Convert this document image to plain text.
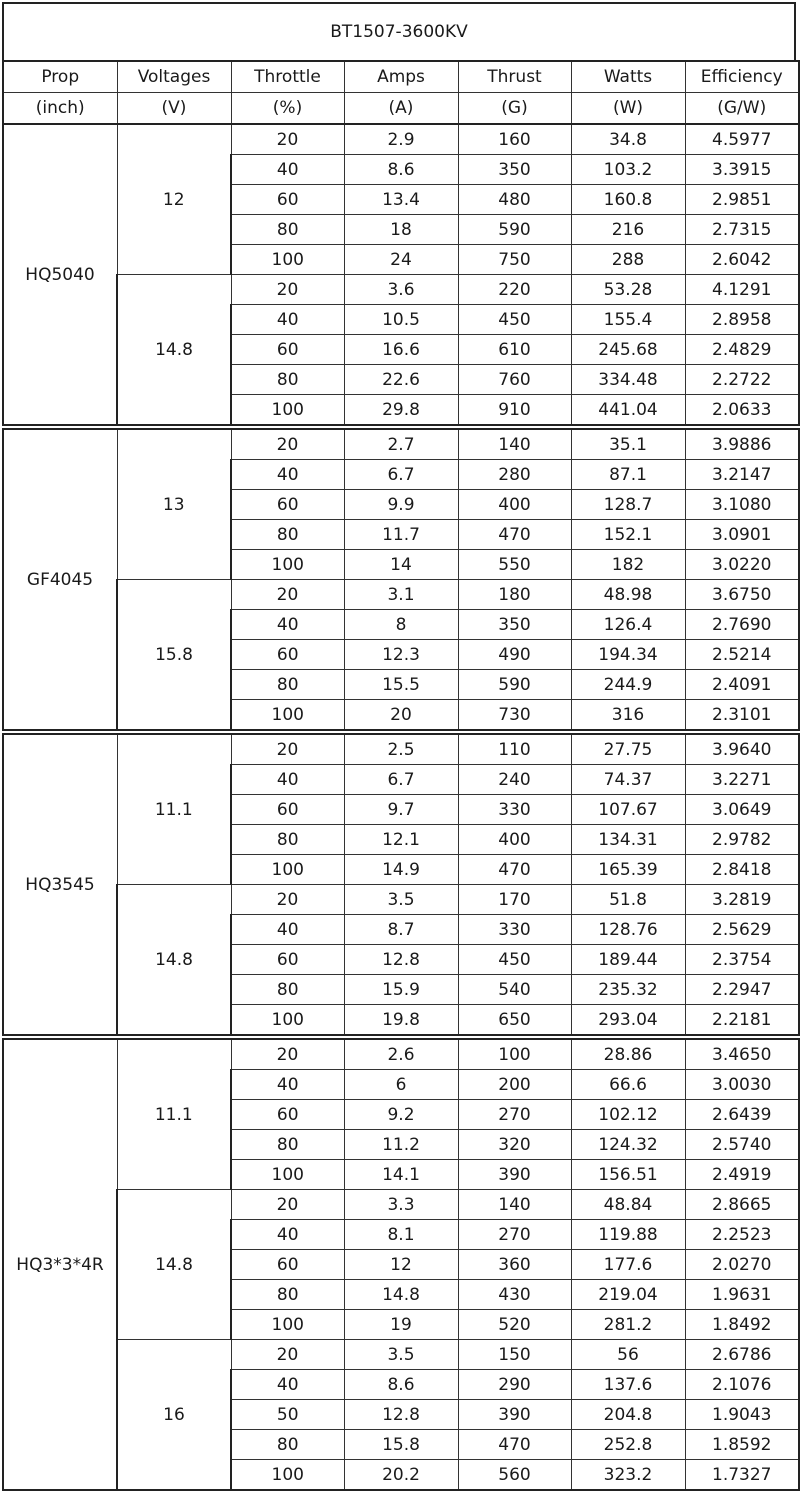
BT1507-3600KV
Prop	Voltages	Throttle	Amps	Thrust	Watts	Efficiency
(inch)	(V)	(%)	(A)	(G)	(W)	(G/W)
HQ5040	12	20	2.9	160	34.8	4.5977
		40	8.6	350	103.2	3.3915
		60	13.4	480	160.8	2.9851
		80	18	590	216	2.7315
		100	24	750	288	2.6042
	14.8	20	3.6	220	53.28	4.1291
		40	10.5	450	155.4	2.8958
		60	16.6	610	245.68	2.4829
		80	22.6	760	334.48	2.2722
		100	29.8	910	441.04	2.0633
GF4045	13	20	2.7	140	35.1	3.9886
		40	6.7	280	87.1	3.2147
		60	9.9	400	128.7	3.1080
		80	11.7	470	152.1	3.0901
		100	14	550	182	3.0220
	15.8	20	3.1	180	48.98	3.6750
		40	8	350	126.4	2.7690
		60	12.3	490	194.34	2.5214
		80	15.5	590	244.9	2.4091
		100	20	730	316	2.3101
HQ3545	11.1	20	2.5	110	27.75	3.9640
		40	6.7	240	74.37	3.2271
		60	9.7	330	107.67	3.0649
		80	12.1	400	134.31	2.9782
		100	14.9	470	165.39	2.8418
	14.8	20	3.5	170	51.8	3.2819
		40	8.7	330	128.76	2.5629
		60	12.8	450	189.44	2.3754
		80	15.9	540	235.32	2.2947
		100	19.8	650	293.04	2.2181
HQ3*3*4R	11.1	20	2.6	100	28.86	3.4650
		40	6	200	66.6	3.0030
		60	9.2	270	102.12	2.6439
		80	11.2	320	124.32	2.5740
		100	14.1	390	156.51	2.4919
	14.8	20	3.3	140	48.84	2.8665
		40	8.1	270	119.88	2.2523
		60	12	360	177.6	2.0270
		80	14.8	430	219.04	1.9631
		100	19	520	281.2	1.8492
	16	20	3.5	150	56	2.6786
		40	8.6	290	137.6	2.1076
		50	12.8	390	204.8	1.9043
		80	15.8	470	252.8	1.8592
		100	20.2	560	323.2	1.7327
